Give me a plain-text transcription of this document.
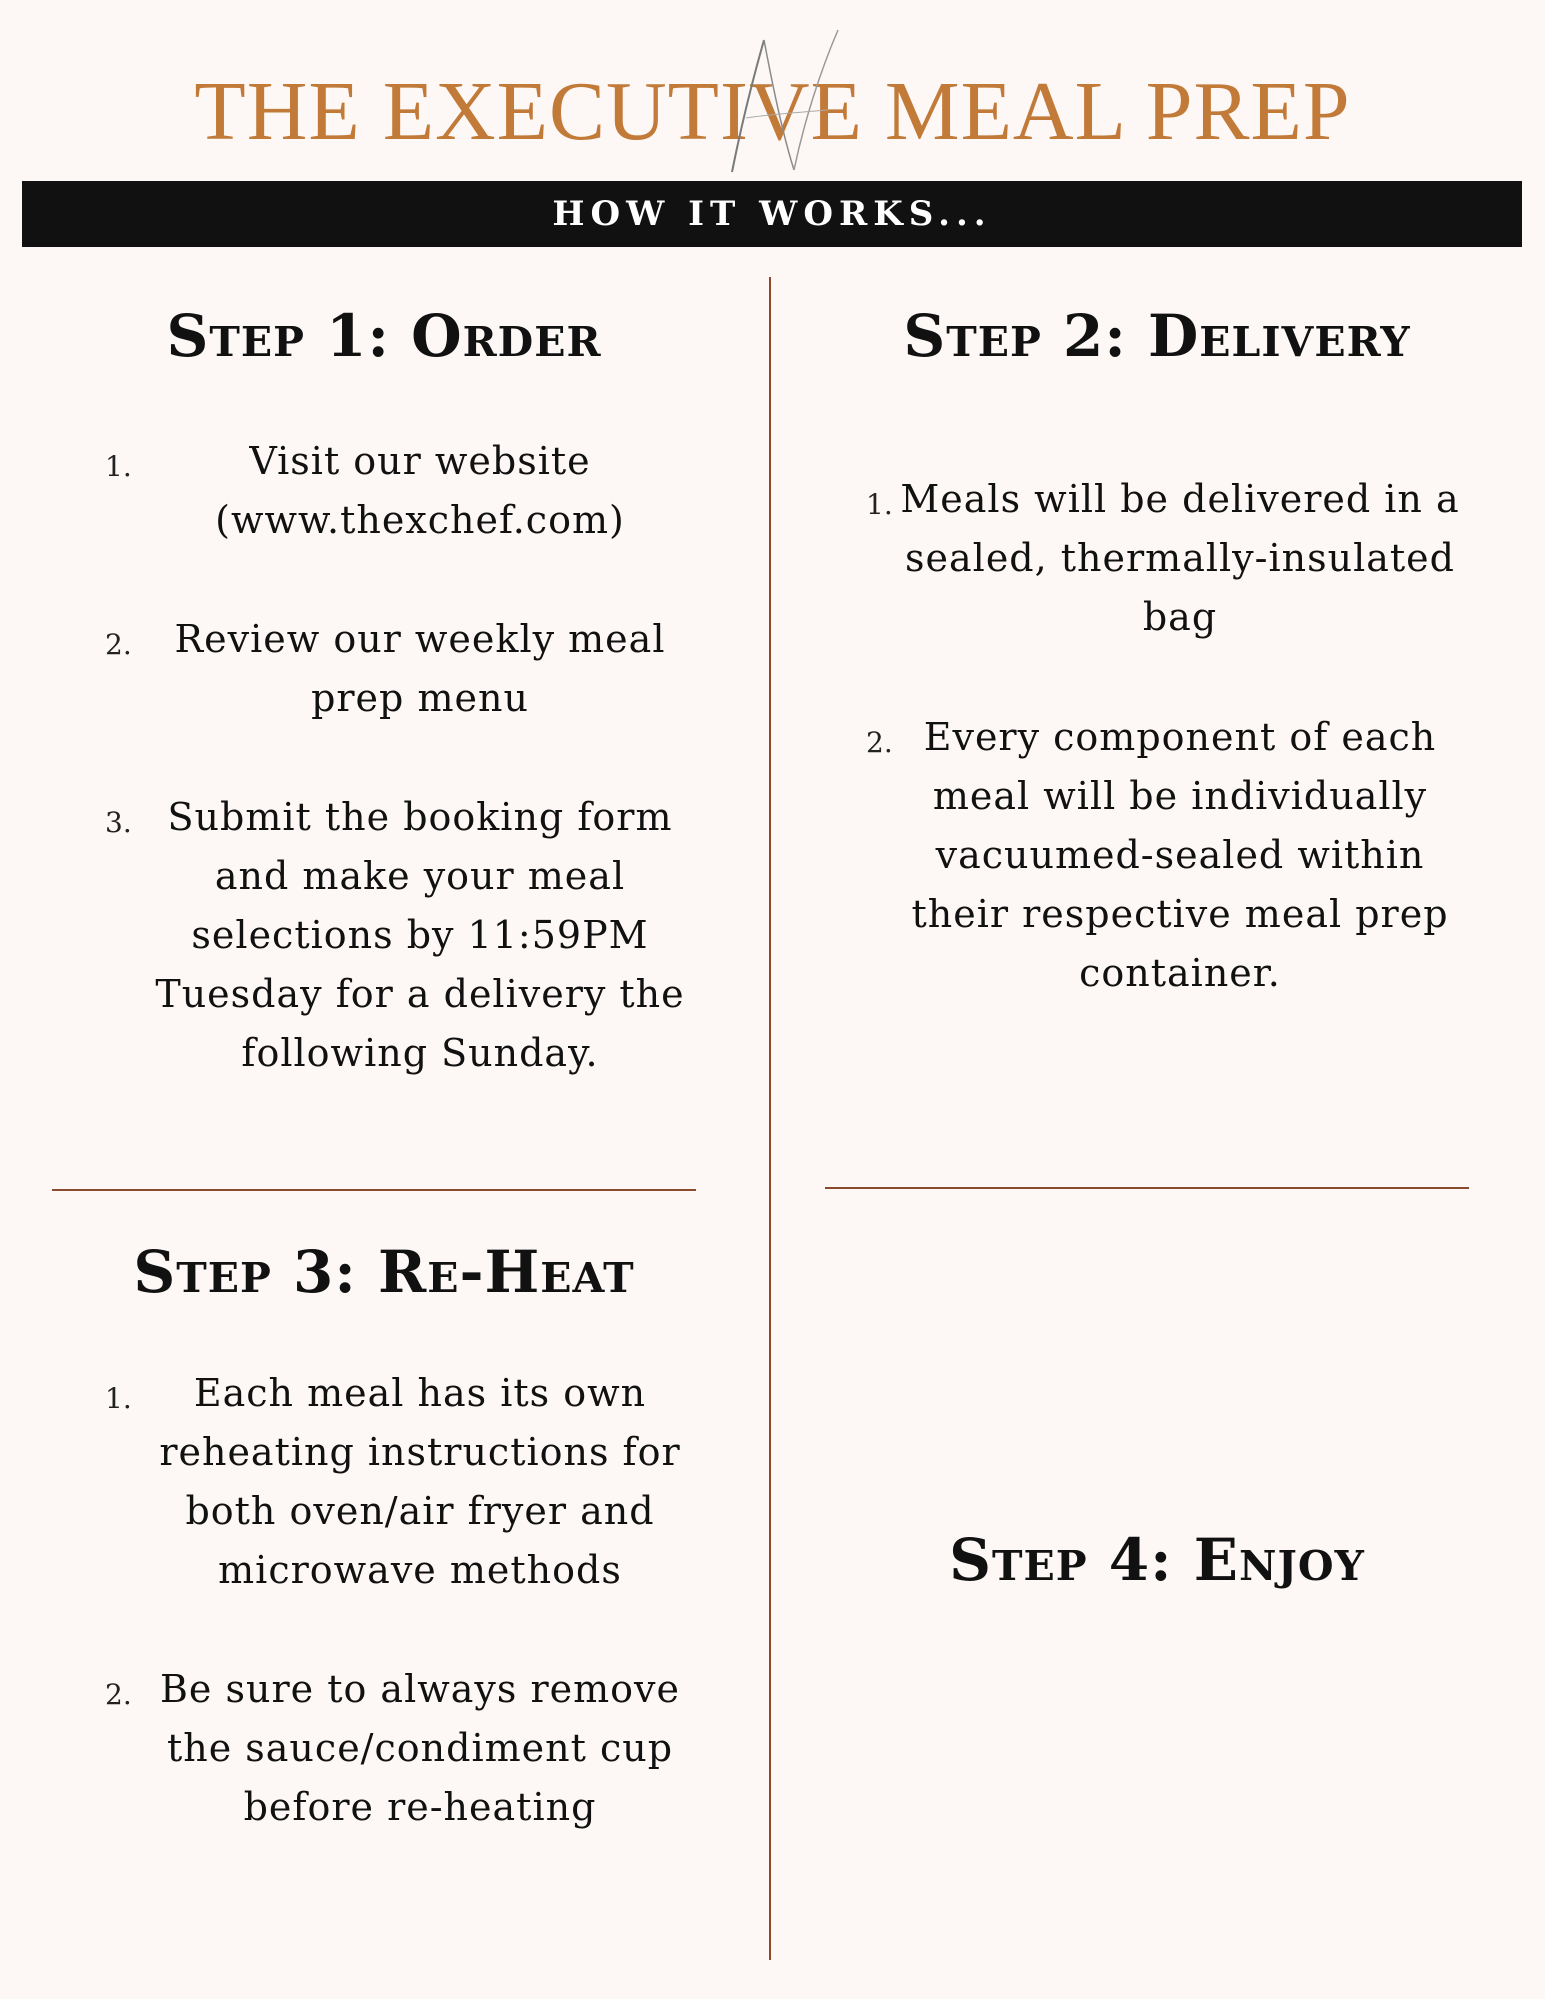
THE EXECUTIVE MEAL PREP
HOW IT WORKS...
Step 1: Order
1.	Visit our website (www.thexchef.com)
2.	Review our weekly meal prep menu
3. Submit the booking form and make your meal selections by 11:59PM Tuesday for a delivery the following Sunday.
Step 2: Delivery
1. Meals will be delivered in a sealed, thermally-insulated bag
2. Every component of each meal will be individually vacuumed-sealed within their respective meal prep container.
Step 3: Re-Heat
1.	Each meal has its own reheating instructions for both oven/air fryer and microwave methods
2. Be sure to always remove the sauce/condiment cup before re-heating
Step 4: Enjoy
